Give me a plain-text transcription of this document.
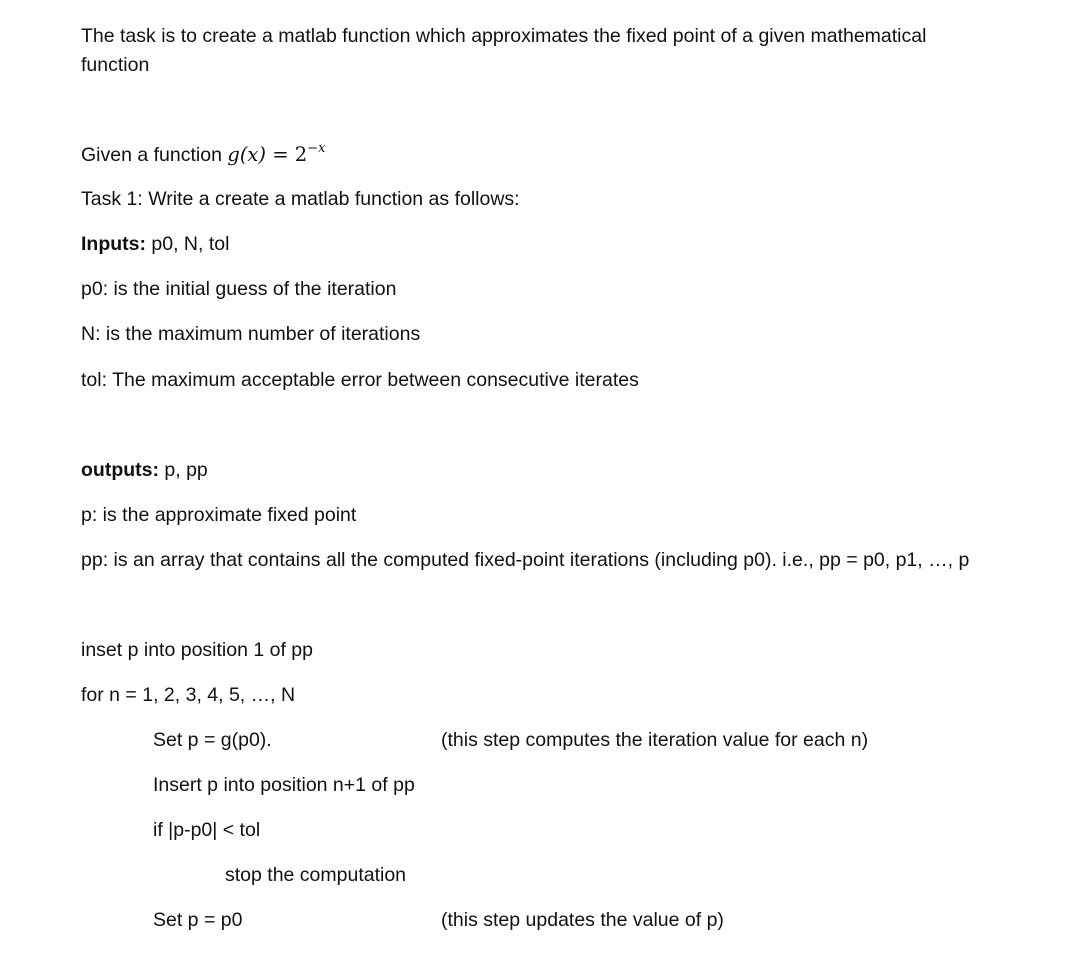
The task is to create a matlab function which approximates the fixed point of a given mathematical
function
Given a function $g(x) = 2^{-x}$
Task 1: Write a create a matlab function as follows:
Inputs: p0, N, tol
p0: is the initial guess of the iteration
N: is the maximum number of iterations
tol: The maximum acceptable error between consecutive iterates
outputs: p, pp
p: is the approximate fixed point
pp: is an array that contains all the computed fixed-point iterations (including p0). i.e., pp = p0, p1, …, p
inset p into position 1 of pp
for n = 1, 2, 3, 4, 5, …, N
Set p = g(p0).	(this step computes the iteration value for each n)
Insert p into position n+1 of pp
if |p-p0| < tol
stop the computation
Set p = p0	(this step updates the value of p)
